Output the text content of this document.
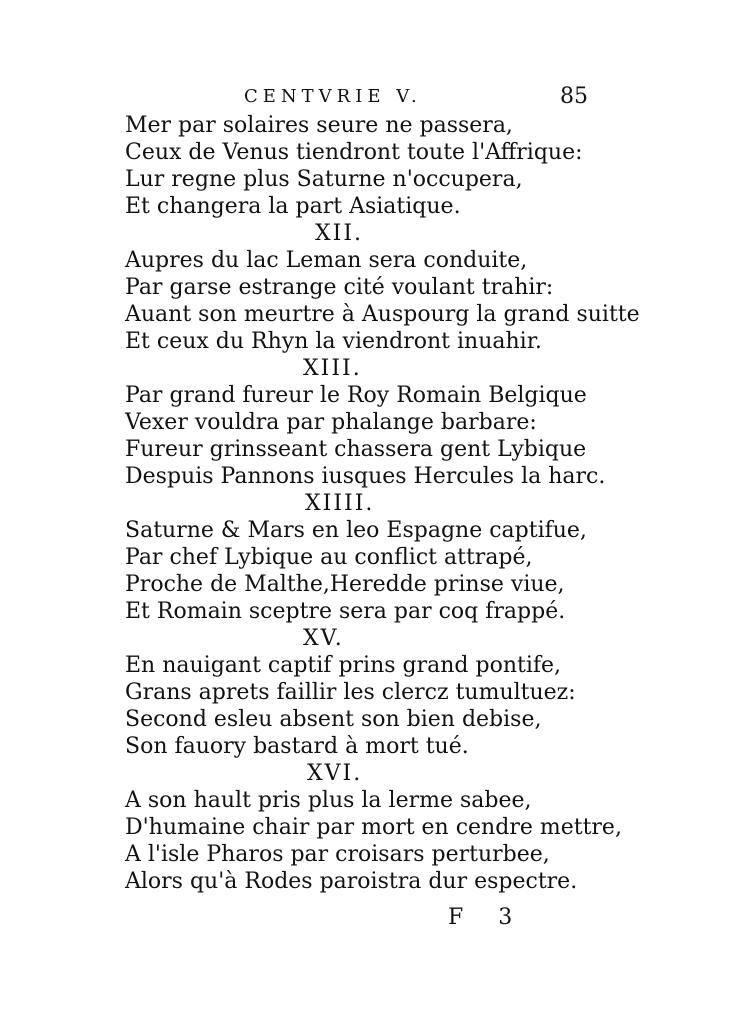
CENTVRIE V.	85
Mer par solaires seure ne passera,
Ceux de Venus tiendront toute l'Affrique:
Lur regne plus Saturne n'occupera,
Et changera la part Asiatique.
XII.
Aupres du lac Leman sera conduite,
Par garse estrange cité voulant trahir:
Auant son meurtre à Auspourg la grand suitte
Et ceux du Rhyn la viendront inuahir.
XIII.
Par grand fureur le Roy Romain Belgique
Vexer vouldra par phalange barbare:
Fureur grinsseant chassera gent Lybique
Despuis Pannons iusques Hercules la harc.
XIIII.
Saturne & Mars en leo Espagne captifue,
Par chef Lybique au conflict attrapé,
Proche de Malthe,Heredde prinse viue,
Et Romain sceptre sera par coq frappé.
XV.
En nauigant captif prins grand pontife,
Grans aprets faillir les clercz tumultuez:
Second esleu absent son bien debise,
Son fauory bastard à mort tué.
XVI.
A son hault pris plus la lerme sabee,
D'humaine chair par mort en cendre mettre,
A l'isle Pharos par croisars perturbee,
Alors qu'à Rodes paroistra dur espectre.
F 3
